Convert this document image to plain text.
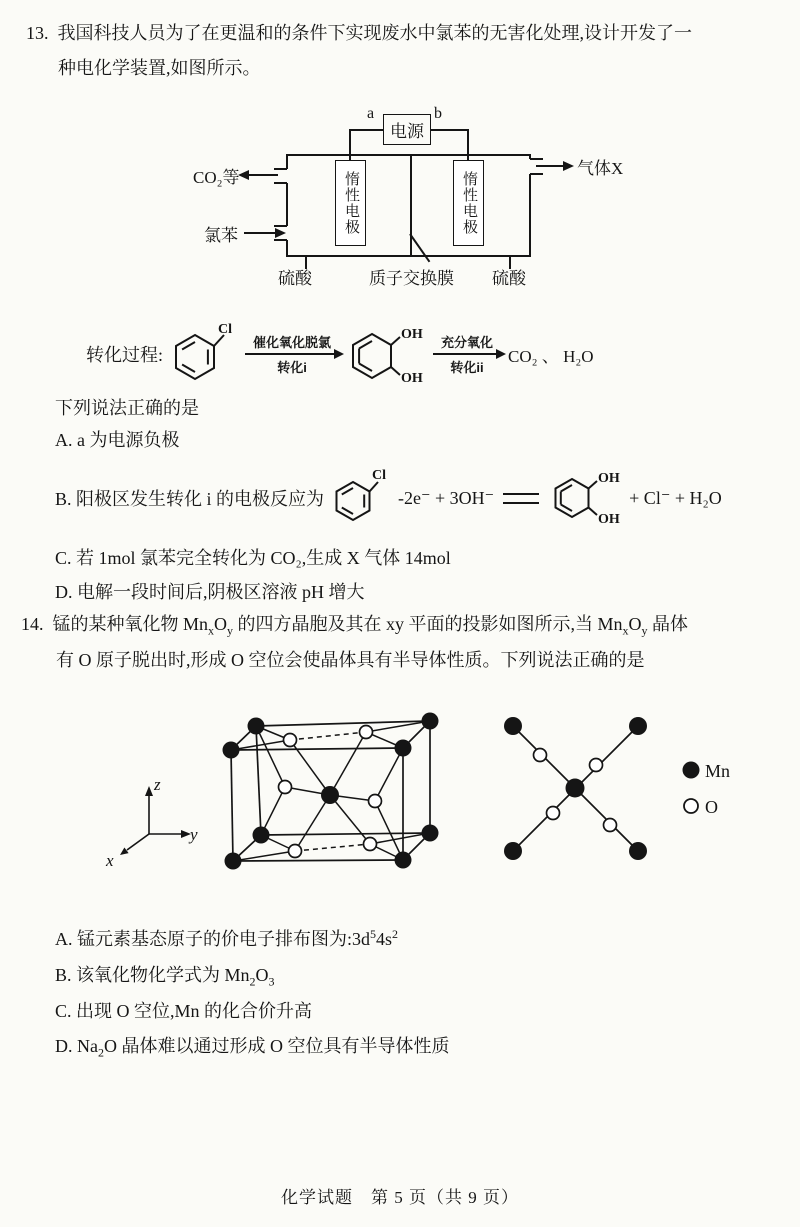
13. 我国科技人员为了在更温和的条件下实现废水中氯苯的无害化处理,设计开发了一
种电化学装置,如图所示。
电源
a	b
惰性电极	惰性电极
CO₂等
氯苯
气体X
硫酸	质子交换膜 硫酸
转化过程:
Cl
催化氧化脱氯
转化i
OH
OH
充分氧化
转化ii
CO₂ 、 H₂O
下列说法正确的是
A. a 为电源负极
B. 阳极区发生转化 i 的电极反应为
Cl
-2e⁻ + 3OH⁻
OH
OH
+ Cl⁻ + H₂O
C. 若 1mol 氯苯完全转化为 CO₂,生成 X 气体 14mol
D. 电解一段时间后,阴极区溶液 pH 增大
14. 锰的某种氧化物 $Mn_xO_y$ 的四方晶胞及其在 xy 平面的投影如图所示,当 $Mn_xO_y$ 晶体
有 O 原子脱出时,形成 O 空位会使晶体具有半导体性质。下列说法正确的是
z
y
x
Mn
O
A. 锰元素基态原子的价电子排布图为$:3d^54s^2$
B. 该氧化物化学式为 $Mn_2O_3$
C. 出现 O 空位,Mn 的化合价升高
D. $Na_2O$ 晶体难以通过形成 O 空位具有半导体性质
化学试题　第 5 页（共 9 页）
